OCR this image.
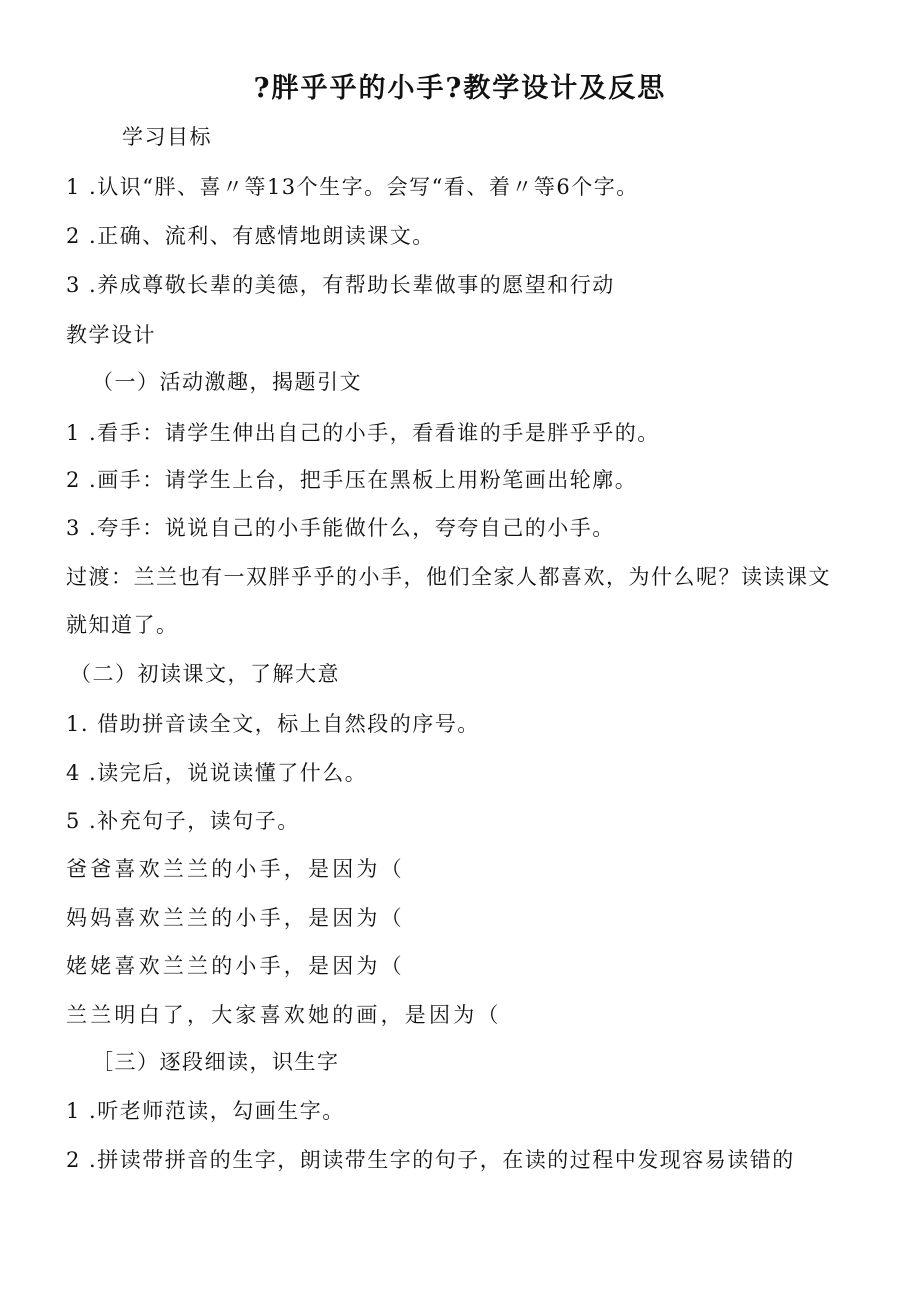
?胖乎乎的小手?教学设计及反思
学习目标
1 .认识“胖、喜〃等13个生字。会写“看、着〃等6个字。
2 .正确、流利、有感情地朗读课文。
3 .养成尊敬长辈的美德，有帮助长辈做事的愿望和行动
教学设计
（一）活动激趣，揭题引文
1 .看手：请学生伸出自己的小手，看看谁的手是胖乎乎的。
2 .画手：请学生上台，把手压在黑板上用粉笔画出轮廓。
3 .夸手：说说自己的小手能做什么，夸夸自己的小手。
过渡：兰兰也有一双胖乎乎的小手，他们全家人都喜欢，为什么呢？读读课文
就知道了。
（二）初读课文，了解大意
1. 借助拼音读全文，标上自然段的序号。
4 .读完后，说说读懂了什么。
5 .补充句子，读句子。
爸爸喜欢兰兰的小手，是因为（
妈妈喜欢兰兰的小手，是因为（
姥姥喜欢兰兰的小手，是因为（
兰兰明白了，大家喜欢她的画，是因为（
［三）逐段细读，识生字
1 .听老师范读，勾画生字。
2 .拼读带拼音的生字，朗读带生字的句子，在读的过程中发现容易读错的
